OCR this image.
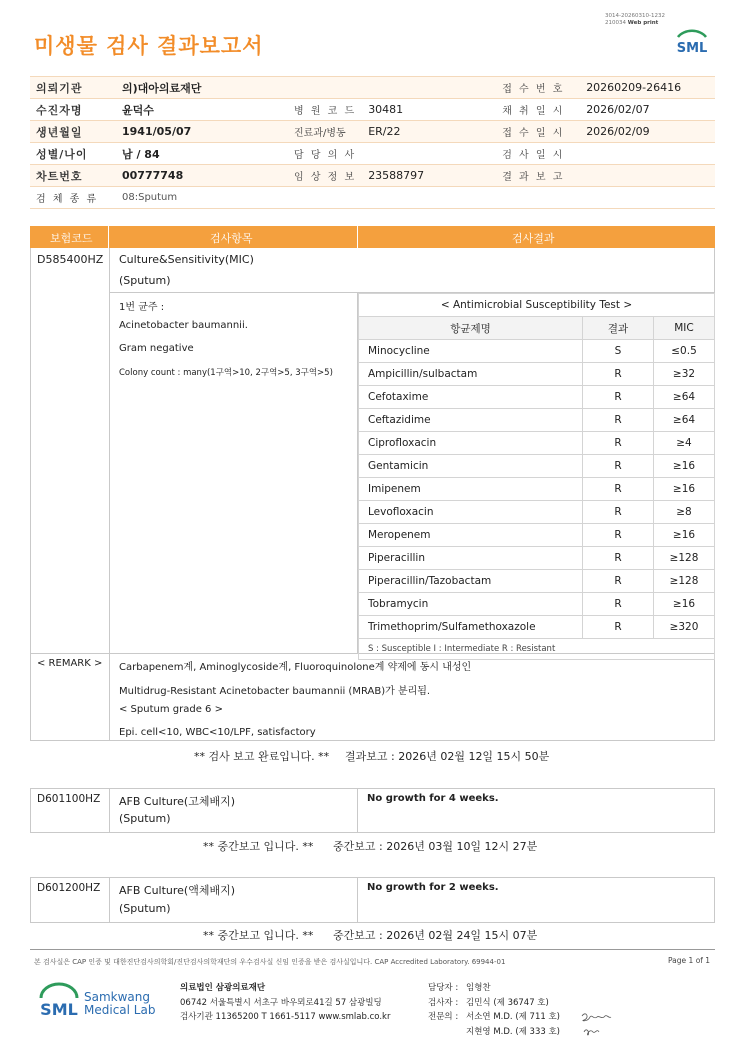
미생물 검사 결과보고서
3014-20260310-1232
210034 Web print
SML
의뢰기관	의)대아의료재단			접 수 번 호	20260209-26416
수진자명	윤덕수	병 원 코 드	30481	채 취 일 시	2026/02/07
생년월일	1941/05/07	진료과/병동	ER/22	접 수 일 시	2026/02/09
성별/나이	남 / 84	담 당 의 사		검 사 일 시	
차트번호	00777748	임 상 정 보	23588797	결 과 보 고	
검 체 종 류	08:Sputum				
보험코드	검사항목	검사결과
D585400HZ Culture&Sensitivity(MIC)
(Sputum)
1번 균주 :
Acinetobacter baumannii.
Gram negative
Colony count : many(1구역>10, 2구역>5, 3구역>5)
< Antimicrobial Susceptibility Test >		
항균제명	결과	MIC
Minocycline	S	≤0.5
Ampicillin/sulbactam	R	≥32
Cefotaxime	R	≥64
Ceftazidime	R	≥64
Ciprofloxacin	R	≥4
Gentamicin	R	≥16
Imipenem	R	≥16
Levofloxacin	R	≥8
Meropenem	R	≥16
Piperacillin	R	≥128
Piperacillin/Tazobactam	R	≥128
Tobramycin	R	≥16
Trimethoprim/Sulfamethoxazole	R	≥320
S : Susceptible I : Intermediate R : Resistant		
< REMARK > Carbapenem계, Aminoglycoside계, Fluoroquinolone계 약제에 동시 내성인
Multidrug-Resistant Acinetobacter baumannii (MRAB)가 분리됨.
< Sputum grade 6 >
Epi. cell<10, WBC<10/LPF, satisfactory
** 검사 보고 완료입니다. ** 결과보고 : 2026년 02월 12일 15시 50분
D601100HZ AFB Culture(고체배지)
(Sputum)
No growth for 4 weeks.
** 중간보고 입니다. ** 중간보고 : 2026년 03월 10일 12시 27분
D601200HZ AFB Culture(액체배지)
(Sputum)
No growth for 2 weeks.
** 중간보고 입니다. ** 중간보고 : 2026년 02월 24일 15시 07분
본 검사실은 CAP 인증 및 대한진단검사의학회/진단검사의학재단의 우수검사실 신임 인증을 받은 검사실입니다. CAP Accredited Laboratory. 69944-01	Page 1 of 1
SML
Samkwang
Medical Lab
의료법인 삼광의료재단
06742 서울특별시 서초구 바우뫼로41길 57 삼광빌딩
검사기관 11365200 T 1661-5117 www.smlab.co.kr
담당자 : 임형찬
검사자 : 김민식 (제 36747 호)
전문의 : 서소연 M.D. (제 711 호)
지현영 M.D. (제 333 호)
